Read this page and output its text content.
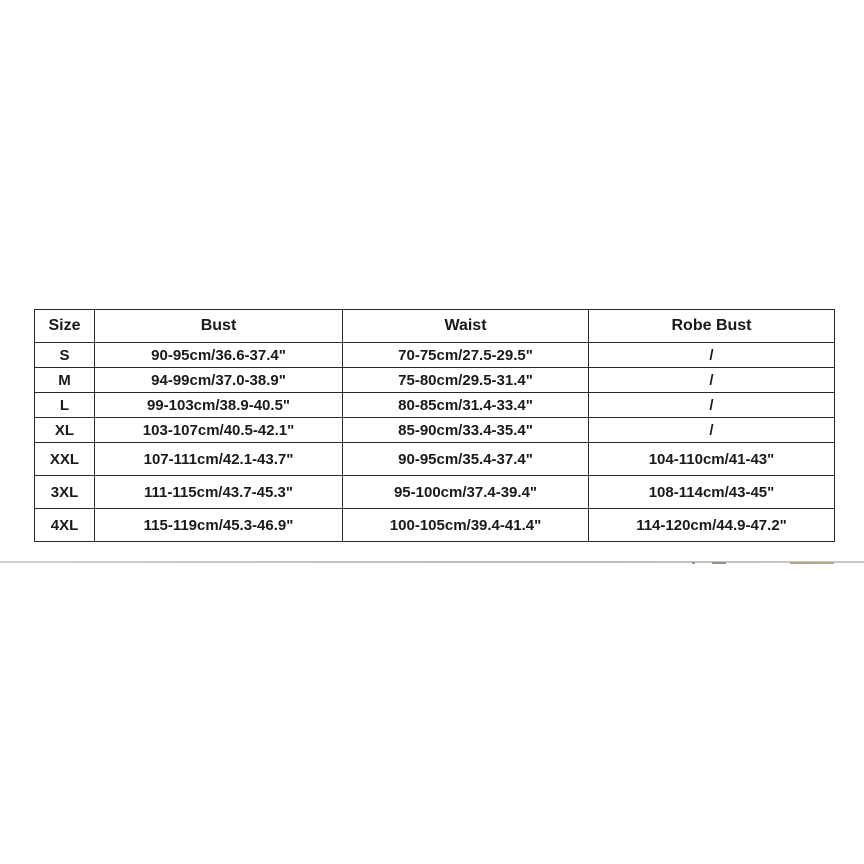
Size	Bust	Waist	Robe Bust
S	90-95cm/36.6-37.4"	70-75cm/27.5-29.5"	/
M	94-99cm/37.0-38.9"	75-80cm/29.5-31.4"	/
L	99-103cm/38.9-40.5"	80-85cm/31.4-33.4"	/
XL	103-107cm/40.5-42.1"	85-90cm/33.4-35.4"	/
XXL	107-111cm/42.1-43.7"	90-95cm/35.4-37.4"	104-110cm/41-43"
3XL	111-115cm/43.7-45.3"	95-100cm/37.4-39.4"	108-114cm/43-45"
4XL	115-119cm/45.3-46.9"	100-105cm/39.4-41.4"	114-120cm/44.9-47.2"
